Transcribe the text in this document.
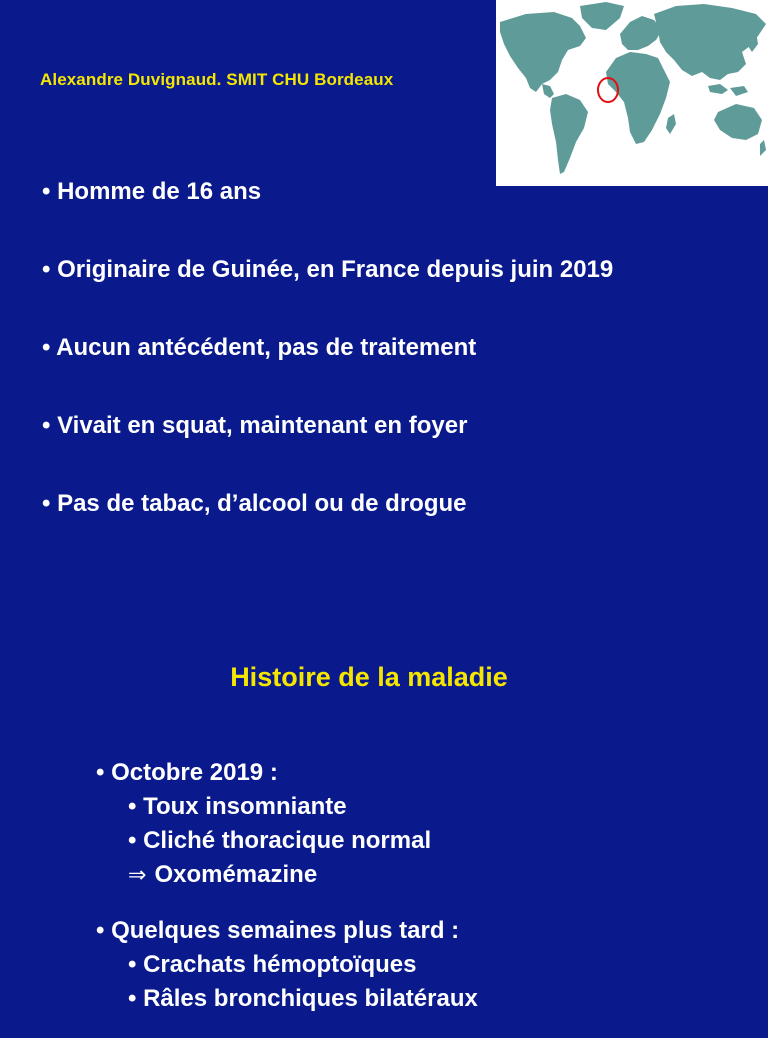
Alexandre Duvignaud. SMIT CHU Bordeaux
• Homme de 16 ans
• Originaire de Guinée, en France depuis juin 2019
• Aucun antécédent, pas de traitement
• Vivait en squat, maintenant en foyer
• Pas de tabac, d’alcool ou de drogue
Histoire de la maladie
• Octobre 2019 :
• Toux insomniante
• Cliché thoracique normal
⇒ Oxomémazine
• Quelques semaines plus tard :
• Crachats hémoptoïques
• Râles bronchiques bilatéraux
